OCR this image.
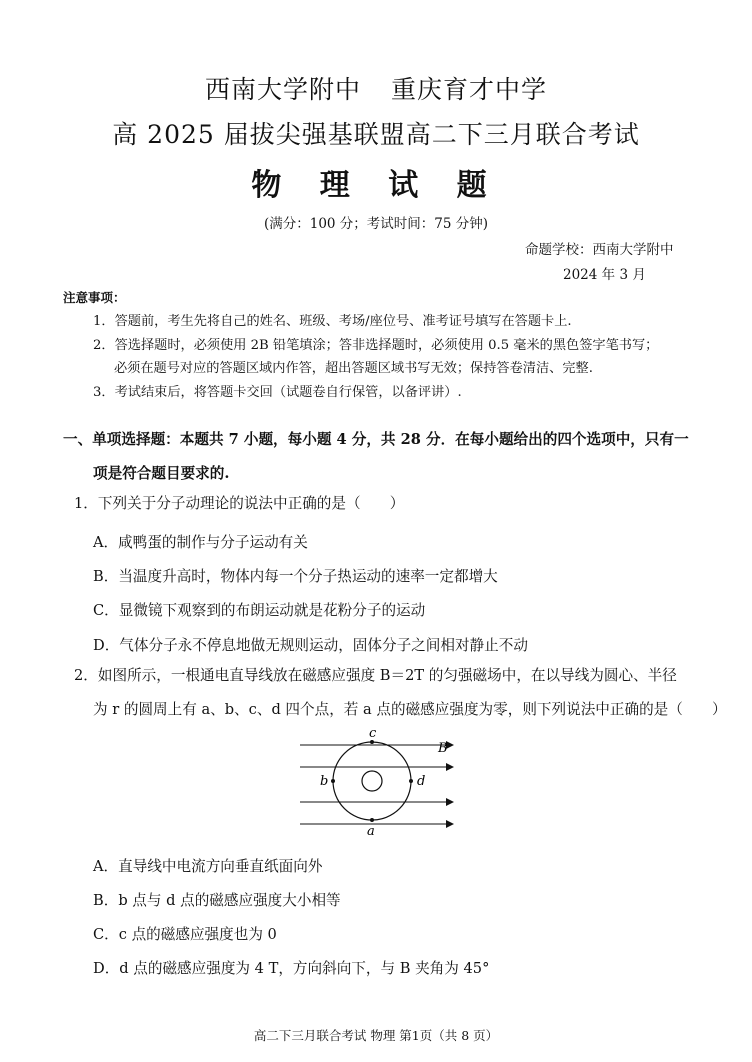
西南大学附中 重庆育才中学
高 2025 届拔尖强基联盟高二下三月联合考试
物 理 试 题
(满分：100 分；考试时间：75 分钟)
命题学校：西南大学附中
2024 年 3 月
注意事项：
1．答题前，考生先将自己的姓名、班级、考场/座位号、准考证号填写在答题卡上.
2．答选择题时，必须使用 2B 铅笔填涂；答非选择题时，必须使用 0.5 毫米的黑色签字笔书写；
必须在题号对应的答题区域内作答，超出答题区域书写无效；保持答卷清洁、完整.
3．考试结束后，将答题卡交回（试题卷自行保管，以备评讲）.
一、单项选择题：本题共 7 小题，每小题 4 分，共 28 分．在每小题给出的四个选项中，只有一
项是符合题目要求的.
1．下列关于分子动理论的说法中正确的是（　　）
A．咸鸭蛋的制作与分子运动有关
B．当温度升高时，物体内每一个分子热运动的速率一定都增大
C．显微镜下观察到的布朗运动就是花粉分子的运动
D．气体分子永不停息地做无规则运动，固体分子之间相对静止不动
2．如图所示，一根通电直导线放在磁感应强度 B＝2T 的匀强磁场中，在以导线为圆心、半径
为 r 的圆周上有 a、b、c、d 四个点，若 a 点的磁感应强度为零，则下列说法中正确的是（　　）
c
b	d
a
B
A．直导线中电流方向垂直纸面向外
B．b 点与 d 点的磁感应强度大小相等
C．c 点的磁感应强度也为 0
D．d 点的磁感应强度为 4 T，方向斜向下，与 B 夹角为 45°
高二下三月联合考试 物理 第1页（共 8 页）
